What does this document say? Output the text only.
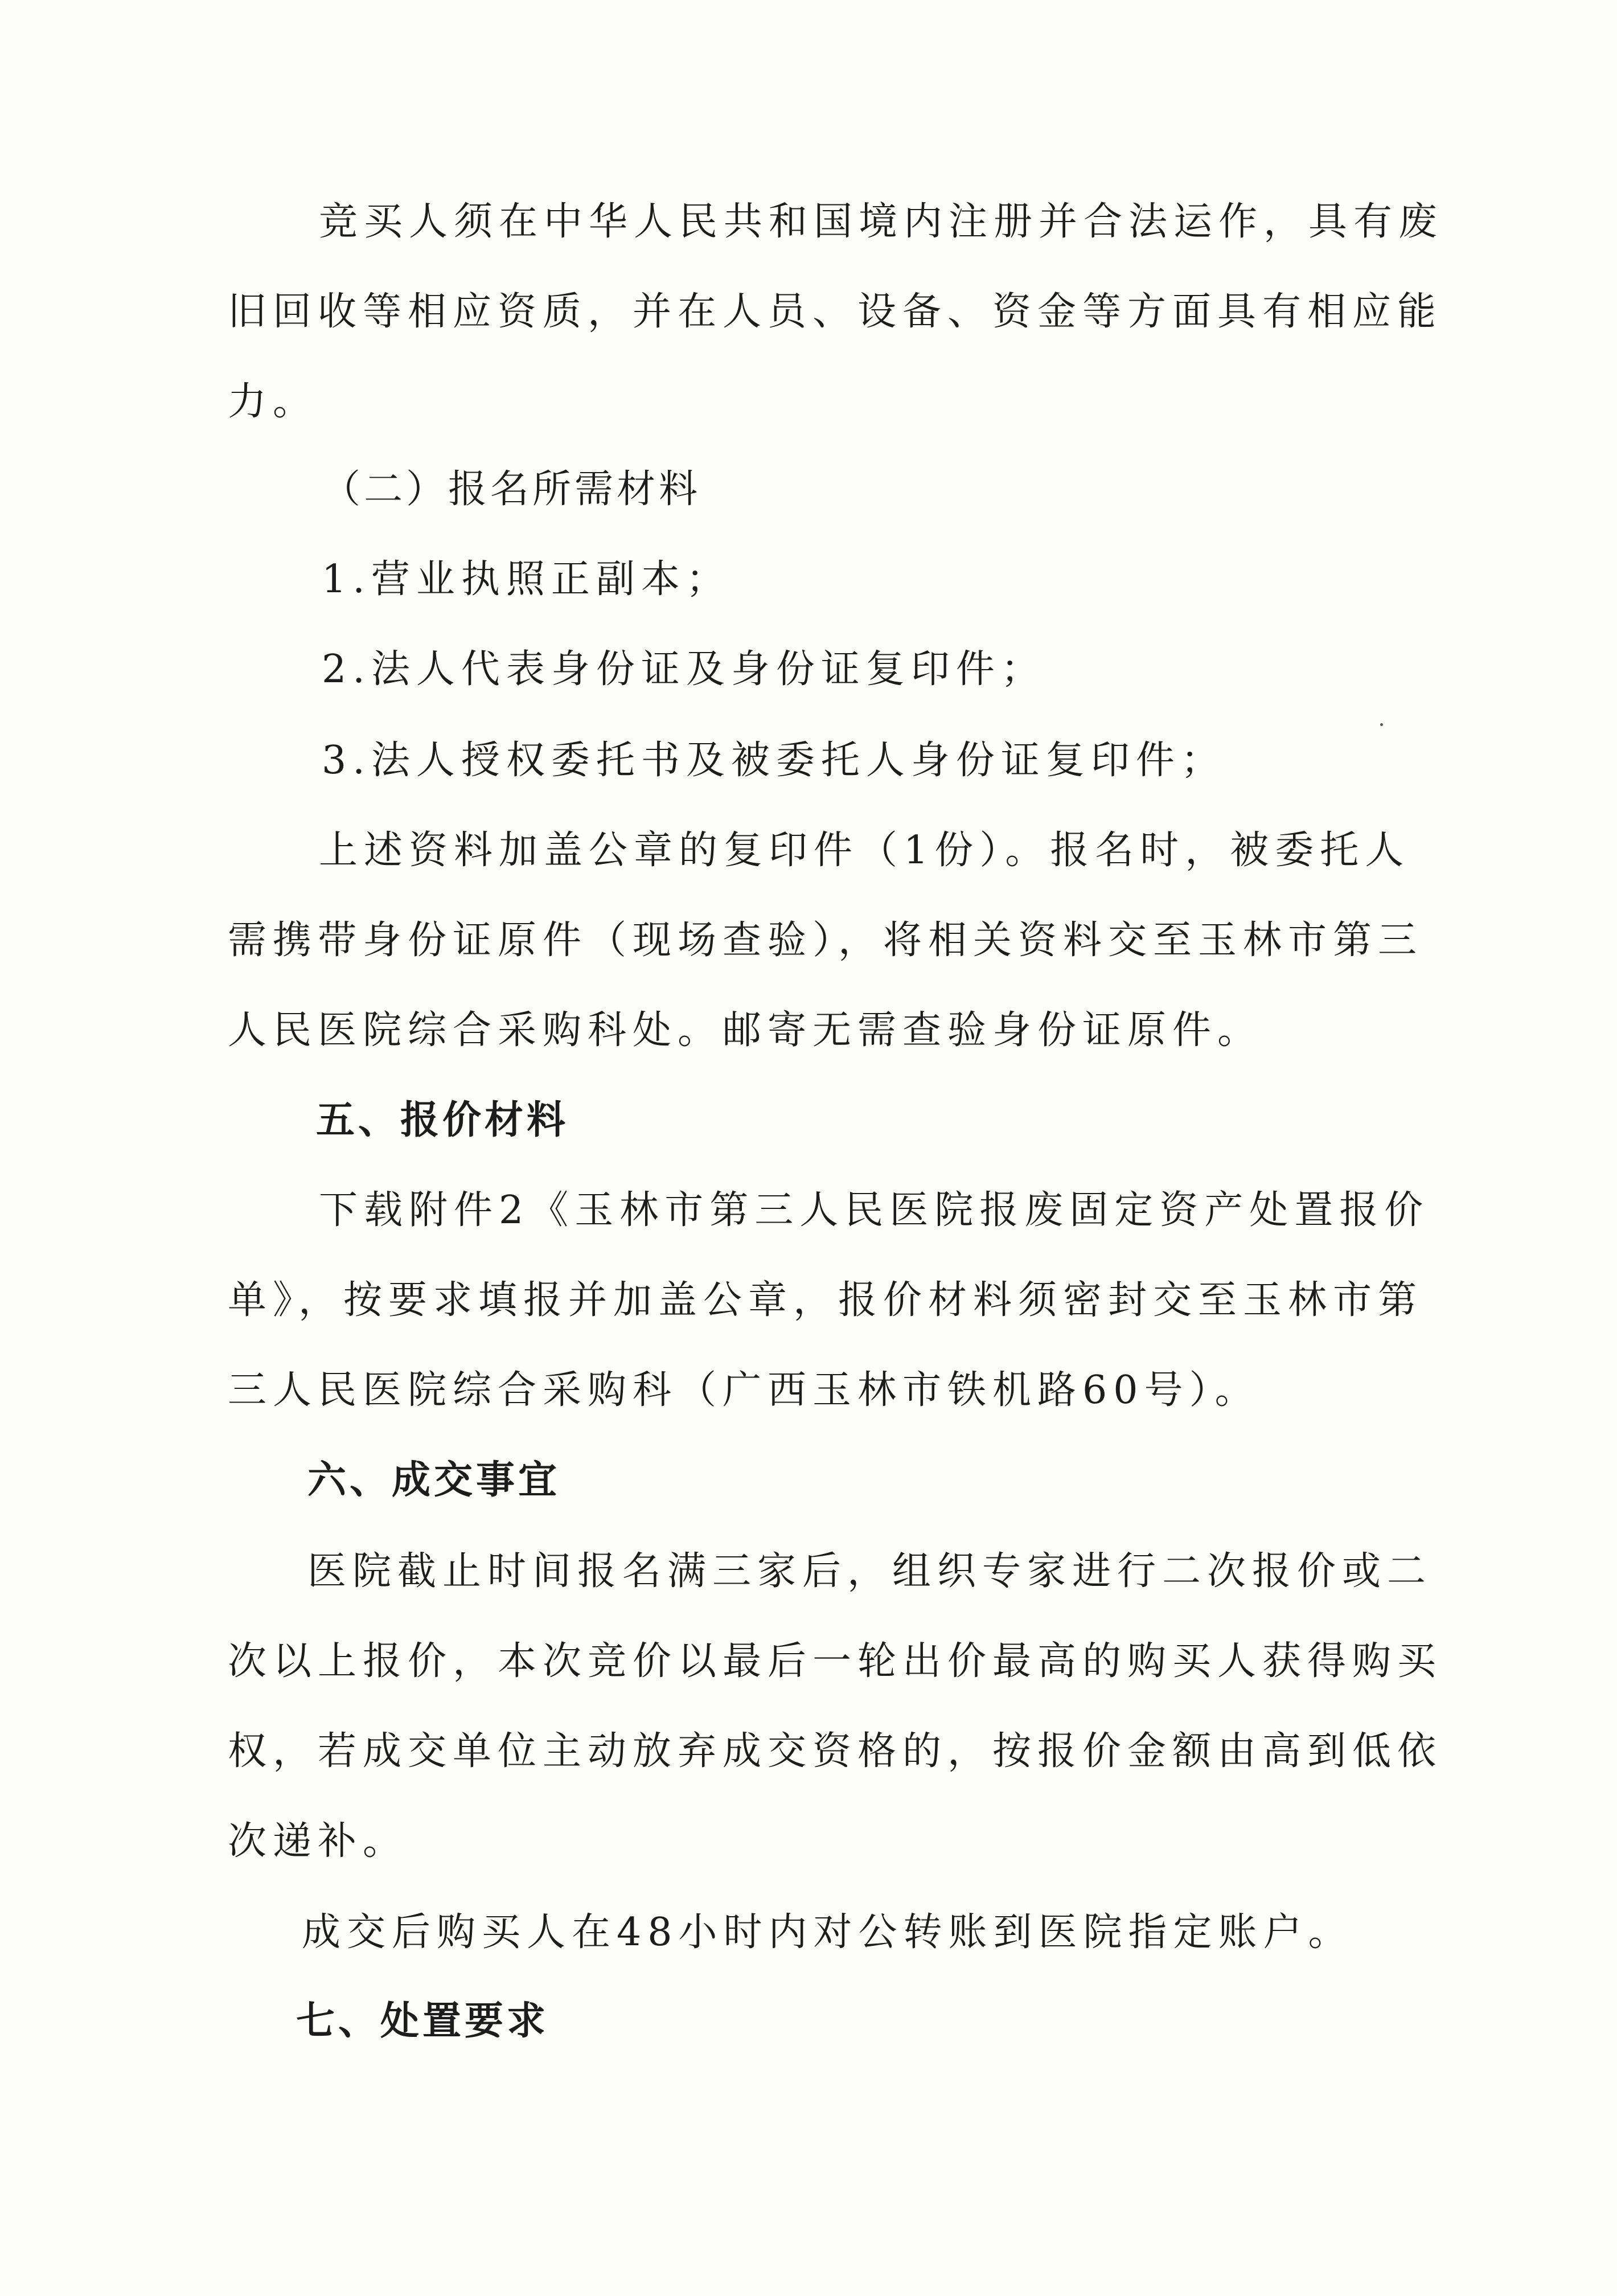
竞买人须在中华人民共和国境内注册并合法运作，具有废

旧回收等相应资质，并在人员、设备、资金等方面具有相应能

力。

（二）报名所需材料

1.营业执照正副本；

2.法人代表身份证及身份证复印件；

3.法人授权委托书及被委托人身份证复印件；

上述资料加盖公章的复印件（1份）。报名时，被委托人

需携带身份证原件（现场查验），将相关资料交至玉林市第三

人民医院综合采购科处。邮寄无需查验身份证原件。

五、报价材料

下载附件2《玉林市第三人民医院报废固定资产处置报价

单》，按要求填报并加盖公章，报价材料须密封交至玉林市第

三人民医院综合采购科（广西玉林市铁机路60号）。

六、成交事宜

医院截止时间报名满三家后，组织专家进行二次报价或二

次以上报价，本次竞价以最后一轮出价最高的购买人获得购买

权，若成交单位主动放弃成交资格的，按报价金额由高到低依

次递补。

成交后购买人在48小时内对公转账到医院指定账户。

七、处置要求
